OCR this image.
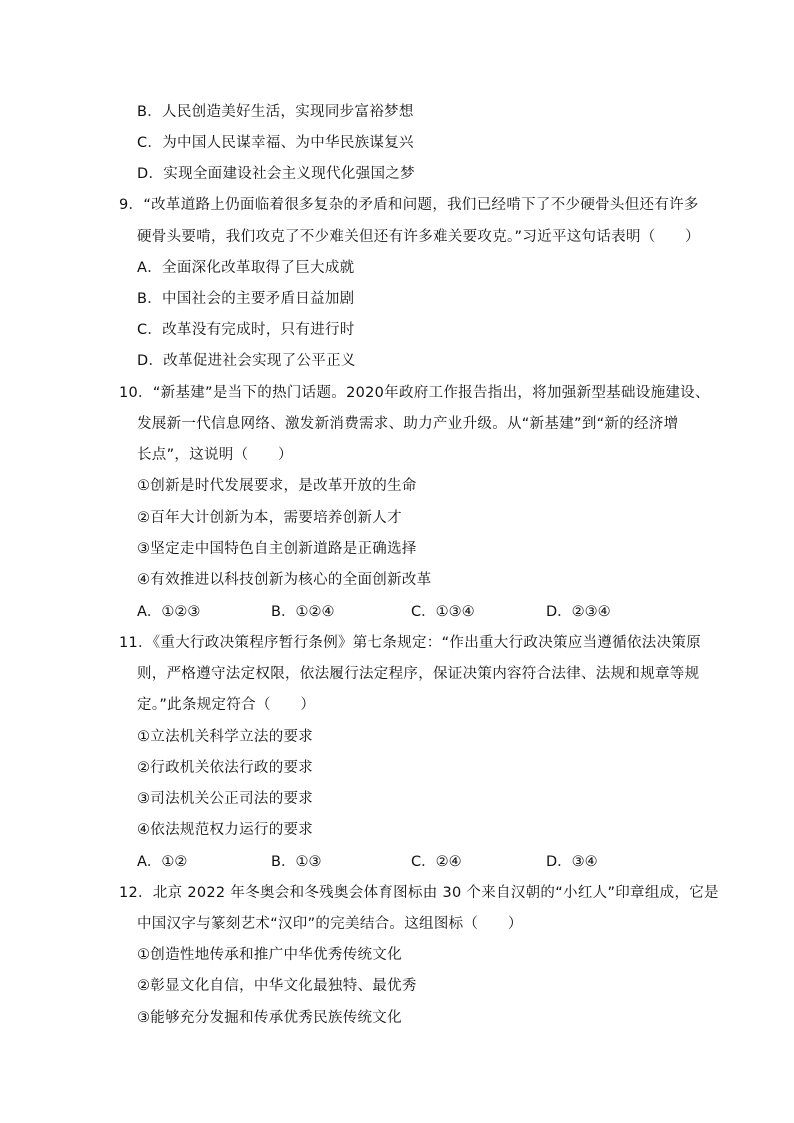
B．人民创造美好生活，实现同步富裕梦想
C．为中国人民谋幸福、为中华民族谋复兴
D．实现全面建设社会主义现代化强国之梦
9．“改革道路上仍面临着很多复杂的矛盾和问题，我们已经啃下了不少硬骨头但还有许多
硬骨头要啃，我们攻克了不少难关但还有许多难关要攻克。”习近平这句话表明（　　）
A．全面深化改革取得了巨大成就
B．中国社会的主要矛盾日益加剧
C．改革没有完成时，只有进行时
D．改革促进社会实现了公平正义
10．“新基建”是当下的热门话题。2020年政府工作报告指出，将加强新型基础设施建设、
发展新一代信息网络、激发新消费需求、助力产业升级。从“新基建”到“新的经济增
长点”，这说明（　　）
①创新是时代发展要求，是改革开放的生命
②百年大计创新为本，需要培养创新人才
③坚定走中国特色自主创新道路是正确选择
④有效推进以科技创新为核心的全面创新改革
A．①②③	B．①②④	C．①③④	D．②③④
11．《重大行政决策程序暂行条例》第七条规定：“作出重大行政决策应当遵循依法决策原
则，严格遵守法定权限，依法履行法定程序，保证决策内容符合法律、法规和规章等规
定。”此条规定符合（　　）
①立法机关科学立法的要求
②行政机关依法行政的要求
③司法机关公正司法的要求
④依法规范权力运行的要求
A．①②	B．①③	C．②④	D．③④
12．北京 2022 年冬奥会和冬残奥会体育图标由 30 个来自汉朝的“小红人”印章组成，它是
中国汉字与篆刻艺术“汉印”的完美结合。这组图标（　　）
①创造性地传承和推广中华优秀传统文化
②彰显文化自信，中华文化最独特、最优秀
③能够充分发掘和传承优秀民族传统文化
